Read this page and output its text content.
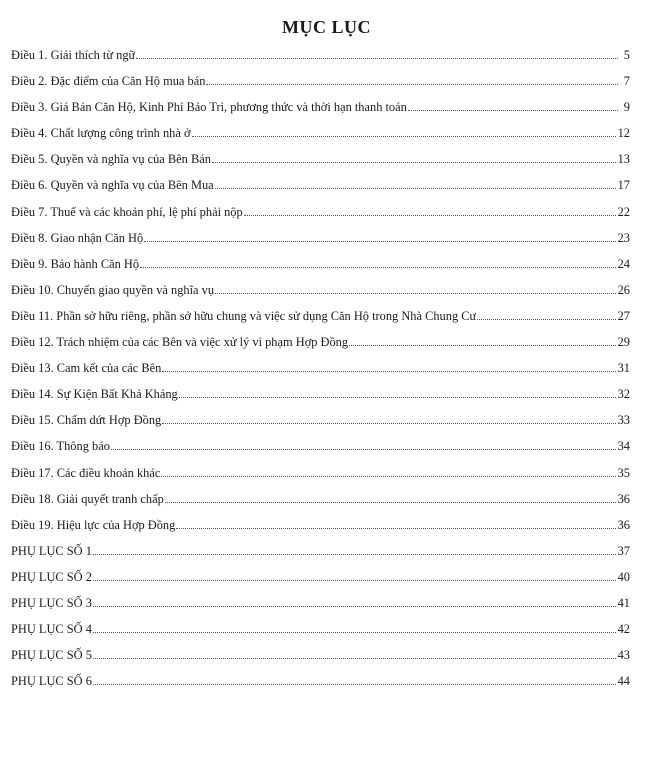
MỤC LỤC
Điều 1. Giải thích từ ngữ	5
Điều 2. Đặc điểm của Căn Hộ mua bán	7
Điều 3. Giá Bán Căn Hộ, Kinh Phí Bảo Trì, phương thức và thời hạn thanh toán	9
Điều 4. Chất lượng công trình nhà ở	12
Điều 5. Quyền và nghĩa vụ của Bên Bán	13
Điều 6. Quyền và nghĩa vụ của Bên Mua	17
Điều 7. Thuế và các khoản phí, lệ phí phải nộp	22
Điều 8. Giao nhận Căn Hộ	23
Điều 9. Bảo hành Căn Hộ	24
Điều 10. Chuyển giao quyền và nghĩa vụ	26
Điều 11. Phần sở hữu riêng, phần sở hữu chung và việc sử dụng Căn Hộ trong Nhà Chung Cư	27
Điều 12. Trách nhiệm của các Bên và việc xử lý vi phạm Hợp Đồng	29
Điều 13. Cam kết của các Bên	31
Điều 14. Sự Kiện Bất Khả Kháng	32
Điều 15. Chấm dứt Hợp Đồng	33
Điều 16. Thông báo	34
Điều 17. Các điều khoản khác	35
Điều 18. Giải quyết tranh chấp	36
Điều 19. Hiệu lực của Hợp Đồng	36
PHỤ LỤC SỐ 1	37
PHỤ LỤC SỐ 2	40
PHỤ LỤC SỐ 3	41
PHỤ LỤC SỐ 4	42
PHỤ LỤC SỐ 5	43
PHỤ LỤC SỐ 6	44
